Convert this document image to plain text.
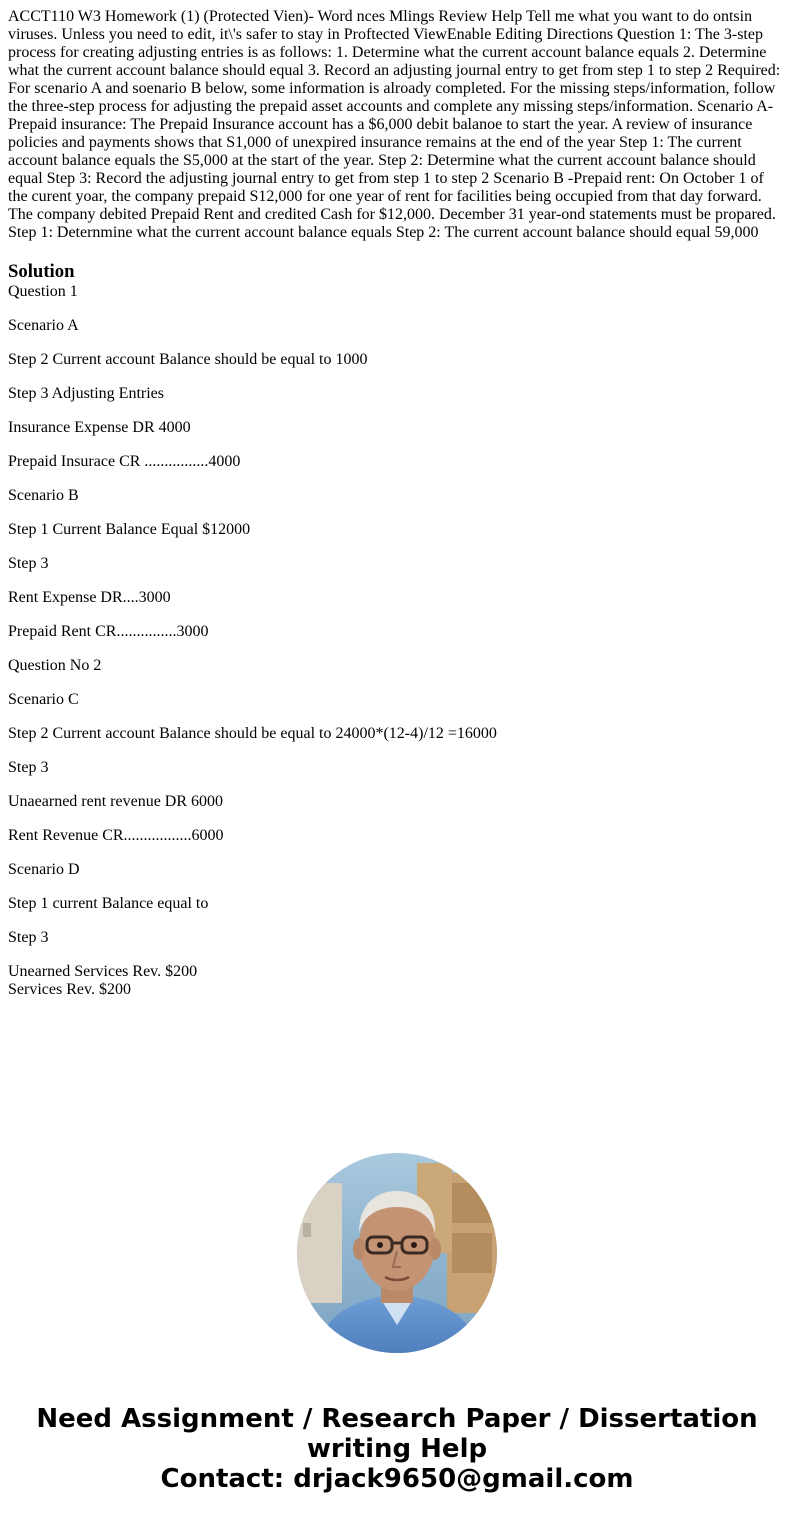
ACCT110 W3 Homework (1) (Protected Vien)- Word nces Mlings Review Help Tell me what you want to do ontsin viruses. Unless you need to edit, it\'s safer to stay in Proftected ViewEnable Editing Directions Question 1: The 3-step process for creating adjusting entries is as follows: 1. Determine what the current account balance equals 2. Determine what the current account balance should equal 3. Record an adjusting journal entry to get from step 1 to step 2 Required: For scenario A and soenario B below, some information is alroady completed. For the missing steps/information, follow the three-step process for adjusting the prepaid asset accounts and complete any missing steps/information. Scenario A- Prepaid insurance: The Prepaid Insurance account has a $6,000 debit balanoe to start the year. A review of insurance policies and payments shows that S1,000 of unexpired insurance remains at the end of the year Step 1: The current account balance equals the S5,000 at the start of the year. Step 2: Determine what the current account balance should equal Step 3: Record the adjusting journal entry to get from step 1 to step 2 Scenario B -Prepaid rent: On October 1 of the curent yoar, the company prepaid S12,000 for one year of rent for facilities being occupied from that day forward. The company debited Prepaid Rent and credited Cash for $12,000. December 31 year-ond statements must be propared. Step 1: Deternmine what the current account balance equals Step 2: The current account balance should equal 59,000

Solution

Question 1

Scenario A

Step 2 Current account Balance should be equal to 1000

Step 3 Adjusting Entries

Insurance Expense DR 4000

Prepaid Insurace CR ................4000

Scenario B

Step 1 Current Balance Equal $12000

Step 3

Rent Expense DR....3000

Prepaid Rent CR...............3000

Question No 2

Scenario C

Step 2 Current account Balance should be equal to 24000*(12-4)/12 =16000

Step 3

Unaearned rent revenue DR 6000

Rent Revenue CR.................6000

Scenario D

Step 1 current Balance equal to

Step 3

Unearned Services Rev. $200

Services Rev. $200

Need Assignment / Research Paper / Dissertation
writing Help
Contact: drjack9650@gmail.com
